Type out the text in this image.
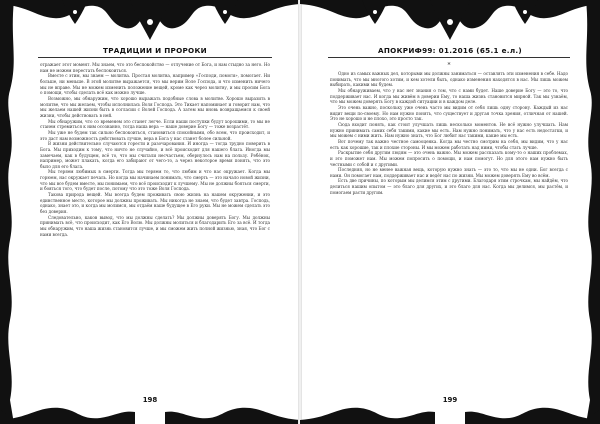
ТРАДИЦИИ И ПРОРОКИ

отражает этот момент. Мы знаем, что это беспокойство — отлучение от Бога, и нам стыдно за него. Но нам не можем перестать беспокоиться.

Вместе с этим, мы знаем — молитва. Простая молитва, например «Господи, помоги», помогает. Ни больше, ни меньше. В этой молитве выражается, что мы верим Воле Господа, и что изменить ничего мы не вправе. Мы не можем изменить положение вещей, кроме как через молитву, и мы просим Бога о помощи, чтобы сделать всё как можно лучше.

Возможно, мы обнаружим, что хорошо выражать подобные слова в молитве. Хорошо выразить в молитве, что мы желаем, чтобы исполнилась Воля Господа. Это Тикает напоминает и говорит нам, что мы желаем нашей жизни быть в согласии с Волей Господа. А затем мы вновь возвращаемся к своей жизни, чтобы действовать в ней.

Мы обнаружим, что со временем это станет легче. Если наши поступки будут хорошими, то мы не станем стремиться к ним осознанно, тогда наша вера — наше доверие Богу — тоже возрастёт.

Мы уже не будем так сильно беспокоиться, становиться спокойными, обо всем, что происходит, и это даст нам возможность действовать лучше, вера в Бога у нас станет более сильной.

В жизни действительно случаются горести и разочарования. И иногда — тогда трудно поверить в Бога. Мы приходим к тому, что ничто не случайно, и всё происходит для нашего блага. Иногда мы замечаем, как в будущем, всё то, что мы считали несчастьем, обернулось нам на пользу. Ребёнок, например, может плакать, когда его забирают от чего-то, а через некоторое время понять, что это было для его блага.

Мы теряем любимых в смерти. Тогда мы теряем то, что любим и что нас окружает. Когда мы горюем, нас окружает печаль. Но когда мы начинаем понимать, что смерть — это начало новой жизни, что мы все будем вместе, мы понимаем, что всё происходит к лучшему. Мы не должны бояться смерти, и бояться того, что будет после, потому что это тоже Воля Господа.

Такова природа вещей. Мы всегда будем проживать свою жизнь на нашем окружении, и это единственное место, которое мы должны проживать. Мы никогда не знаем, что будет завтра. Господь, однако, знает это, и когда мы молимся, мы отдаём наше будущее в Его руки. Мы не можем сделать это без доверия.

Следовательно, каков вывод, что мы должны сделать? Мы должны доверять Богу. Мы должны принимать всё, что происходит, как Его Волю. Мы должны молиться и благодарить Его за всё. И тогда мы обнаружим, что наша жизнь становится лучше, и мы сможем жить полной жизнью, зная, что Бог с нами всегда.

198
АПОКРИФ99: 01.2016 (65.1 е.л.)
*

Одно из самых важных дел, которыми мы должны заниматься — оставлять эти изменения в себе. Надо понимать, что мы многого хотим, и кем хотели быть, однако изменения находятся в нас. Мы лишь можем выбирать, какими мы будем.

Мы обнаруживаем, что у нас нет знания о том, что с нами будет. Наше доверие Богу — это то, что поддерживает нас. И когда мы живём в доверии Ему, то наша жизнь становится мирной. Так мы узнаём, что мы можем доверять Богу в каждой ситуации и в каждом деле.

Это очень важно, поскольку уже очень часто мы видим от себя лишь одну сторону. Каждый из нас видит вещи по-своему. Но нам нужно понять, что существует и другая точка зрения, отличная от нашей. Это не хорошо и не плохо, это просто так.

Сюда входит понять, как стоит улучшать лишь несколько моментов. Не всё нужно улучшать. Нам нужно принимать самих себя такими, какие мы есть. Нам нужно понимать, что у нас есть недостатки, и мы можем с ними жить. Нам нужно знать, что Бог любит нас такими, какие мы есть.

Вот почему так важно честное самооценка. Когда мы честно смотрим на себя, мы видим, что у нас есть как хорошие, так и плохие стороны. И мы можем работать над ними, чтобы стать лучше.

Раскрытие себя другим людям — это очень важно. Мы можем рассказать кому-то о наших проблемах, и это поможет нам. Мы можем попросить о помощи, и нам помогут. Но для этого нам нужно быть честными с собой и с другими.

Последняя, но не менее важная вещь, которую нужно знать — это то, что мы не одни. Бог всегда с нами. Он помогает нам, поддерживает нас и ведёт нас по жизни. Мы можем доверять Ему во всём.

Есть две причины, по которым мы делимся этим с другими. Благодаря этим строчкам, мы найдём, что делиться нашим опытом — это благо для других, и это благо для нас. Когда мы делимся, мы растём, и помогаем расти другим.

199
